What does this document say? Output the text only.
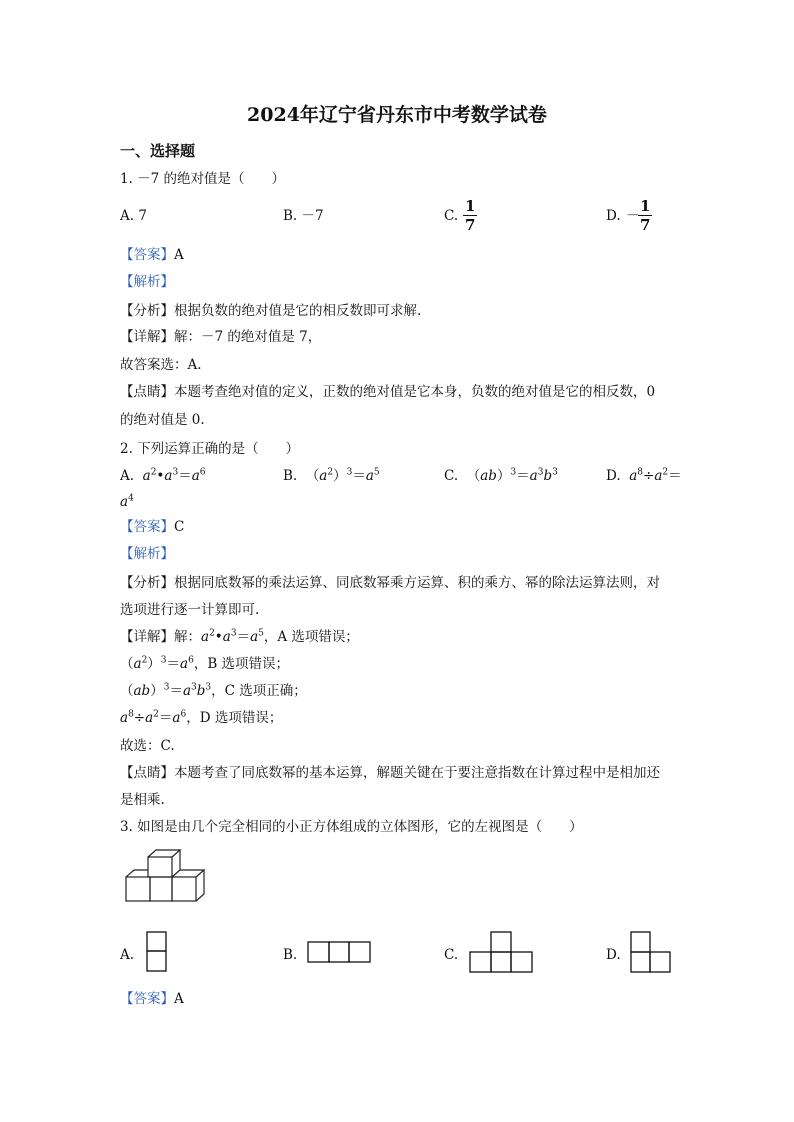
2024年辽宁省丹东市中考数学试卷
一、选择题
1. －7 的绝对值是（　　）
A. 7	B. －7	C. $\frac{1}{7}$	D. －
$\frac{1}{7}$
【答案】A
【解析】
【分析】根据负数的绝对值是它的相反数即可求解.
【详解】解：－7 的绝对值是 7，
故答案选：A.
【点睛】本题考查绝对值的定义，正数的绝对值是它本身，负数的绝对值是它的相反数，0
的绝对值是 0.
2. 下列运算正确的是（　　）
A.  $a^2•a^3=a^6$	B.  $(a^2)^3=a^5$	C.  $(ab)^3=a^3b^3$	D.  $a^8\div a^2=$
$a^4$
【答案】C
【解析】
【分析】根据同底数幂的乘法运算、同底数幂乘方运算、积的乘方、幂的除法运算法则，对
选项进行逐一计算即可.
【详解】解：$a^2•a^3=a^5$，A 选项错误；
$(a^2)^3=a^6$，B 选项错误；
$(ab)^3=a^3b^3$，C 选项正确；
$a^8\div a^2=a^6$，D 选项错误；
故选：C.
【点睛】本题考查了同底数幂的基本运算，解题关键在于要注意指数在计算过程中是相加还
是相乘.
3. 如图是由几个完全相同的小正方体组成的立体图形，它的左视图是（　　）
A.	B.	C.	D.
【答案】A
